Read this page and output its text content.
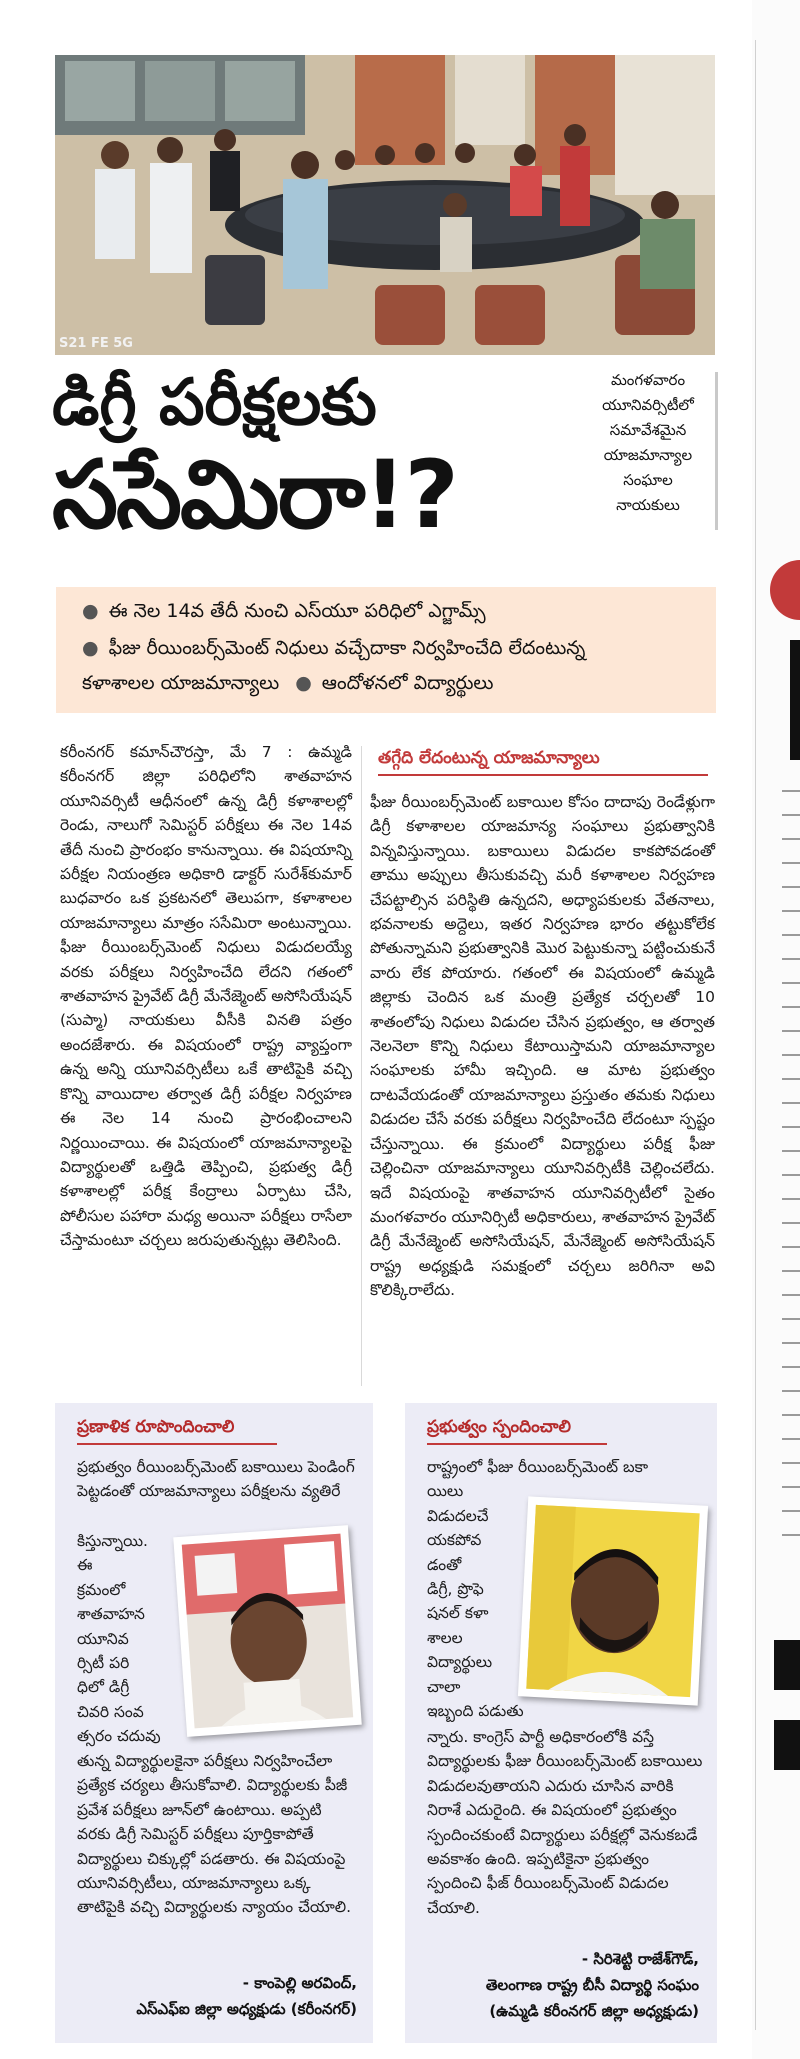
S21 FE 5G
డిగ్రీ పరీక్షలకు
ససేమిరా!?
మంగళవారం
యూనివర్సిటీలో
సమావేశమైన
యాజమాన్యాల
సంఘాల
నాయకులు
● ఈ నెల 14వ తేదీ నుంచి ఎస్‌యూ పరిధిలో ఎగ్జామ్స్
● ఫీజు రీయింబర్స్‌మెంట్ నిధులు వచ్చేదాకా నిర్వహించేది లేదంటున్న
కళాశాలల యాజమాన్యాలు ● ఆందోళనలో విద్యార్థులు
కరీంనగర్ కమాన్‌చౌరస్తా, మే 7 : ఉమ్మడి కరీంనగర్ జిల్లా పరిధిలోని శాతవాహన యూనివర్సిటీ ఆధీనంలో ఉన్న డిగ్రీ కళాశాలల్లో రెండు, నాలుగో సెమిస్టర్ పరీక్షలు ఈ నెల 14వ తేదీ నుంచి ప్రారంభం కానున్నాయి. ఈ విషయాన్ని పరీక్షల నియంత్రణ అధికారి డాక్టర్ సురేశ్‌కుమార్ బుధవారం ఒక ప్రకటనలో తెలుపగా, కళాశాలల యాజమాన్యాలు మాత్రం ససేమిరా అంటున్నాయి. ఫీజు రీయింబర్స్‌మెంట్ నిధులు విడుదలయ్యే వరకు పరీక్షలు నిర్వహించేది లేదని గతంలో శాతవాహన ప్రైవేట్ డిగ్రీ మేనేజ్మెంట్ అసోసియేషన్ (సుప్మా) నాయకులు వీసీకి వినతి పత్రం అందజేశారు. ఈ విషయంలో రాష్ట్ర వ్యాప్తంగా ఉన్న అన్ని యూనివర్సిటీలు ఒకే తాటిపైకి వచ్చి కొన్ని వాయిదాల తర్వాత డిగ్రీ పరీక్షల నిర్వహణ ఈ నెల 14 నుంచి ప్రారంభించాలని నిర్ణయించాయి. ఈ విషయంలో యాజమాన్యాలపై విద్యార్థులతో ఒత్తిడి తెప్పించి, ప్రభుత్వ డిగ్రీ కళాశాలల్లో పరీక్ష కేంద్రాలు ఏర్పాటు చేసి, పోలీసుల పహారా మధ్య అయినా పరీక్షలు రాసేలా చేస్తామంటూ చర్చలు జరుపుతున్నట్లు తెలిసింది.
తగ్గేది లేదంటున్న యాజమాన్యాలు
ఫీజు రీయింబర్స్‌మెంట్ బకాయిల కోసం దాదాపు రెండేళ్లుగా డిగ్రీ కళాశాలల యాజమాన్య సంఘాలు ప్రభుత్వానికి విన్నవిస్తున్నాయి. బకాయిలు విడుదల కాకపోవడంతో తాము అప్పులు తీసుకువచ్చి మరీ కళాశాలల నిర్వహణ చేపట్టాల్సిన పరిస్థితి ఉన్నదని, అధ్యాపకులకు వేతనాలు, భవనాలకు అద్దెలు, ఇతర నిర్వహణ భారం తట్టుకోలేక పోతున్నామని ప్రభుత్వానికి మొర పెట్టుకున్నా పట్టించుకునే వారు లేక పోయారు. గతంలో ఈ విషయంలో ఉమ్మడి జిల్లాకు చెందిన ఒక మంత్రి ప్రత్యేక చర్చలతో 10 శాతంలోపు నిధులు విడుదల చేసిన ప్రభుత్వం, ఆ తర్వాత నెలనెలా కొన్ని నిధులు కేటాయిస్తామని యాజమాన్యాల సంఘాలకు హామీ ఇచ్చింది. ఆ మాట ప్రభుత్వం దాటవేయడంతో యాజమాన్యాలు ప్రస్తుతం తమకు నిధులు విడుదల చేసే వరకు పరీక్షలు నిర్వహించేది లేదంటూ స్పష్టం చేస్తున్నాయి. ఈ క్రమంలో విద్యార్థులు పరీక్ష ఫీజు చెల్లించినా యాజమాన్యాలు యూనివర్సిటీకి చెల్లించలేదు. ఇదే విషయంపై శాతవాహన యూనివర్సిటీలో సైతం మంగళవారం యూనిర్సిటీ అధికారులు, శాతవాహన ప్రైవేట్ డిగ్రీ మేనేజ్మెంట్ అసోసియేషన్, మేనేజ్మెంట్ అసోసియేషన్ రాష్ట్ర అధ్యక్షుడి సమక్షంలో చర్చలు జరిగినా అవి కొలిక్కిరాలేదు.
ప్రణాళిక రూపొందించాలి
ప్రభుత్వం రీయింబర్స్‌మెంట్ బకాయిలు పెండింగ్ పెట్టడంతో యాజమాన్యాలు పరీక్షలను వ్యతిరే
కిస్తున్నాయి.
ఈ
క్రమంలో
శాతవాహన
యూనివ
ర్సిటీ పరి
ధిలో డిగ్రీ
చివరి సంవ
త్సరం చదువు
తున్న విద్యార్థులకైనా పరీక్షలు నిర్వహించేలా ప్రత్యేక చర్యలు తీసుకోవాలి. విద్యార్థులకు పీజీ ప్రవేశ పరీక్షలు జూన్‌లో ఉంటాయి. అప్పటి వరకు డిగ్రీ సెమిస్టర్ పరీక్షలు పూర్తికాపోతే విద్యార్థులు చిక్కుల్లో పడతారు. ఈ విషయంపై యూనివర్సిటీలు, యాజమాన్యాలు ఒక్క తాటిపైకి వచ్చి విద్యార్థులకు న్యాయం చేయాలి.
- కాంపెల్లి అరవింద్,
ఎస్‌ఎఫ్‌ఐ జిల్లా అధ్యక్షుడు (కరీంనగర్)
ప్రభుత్వం స్పందించాలి
రాష్ట్రంలో ఫీజు రీయింబర్స్‌మెంట్ బకా
యిలు
విడుదలచే
యకపోవ
డంతో
డిగ్రీ, ప్రొఫె
షనల్ కళా
శాలల
విద్యార్థులు
చాలా
ఇబ్బంది పడుతు
న్నారు. కాంగ్రెస్ పార్టీ అధికారంలోకి వస్తే విద్యార్థులకు ఫీజు రీయింబర్స్‌మెంట్ బకాయిలు విడుదలవుతాయని ఎదురు చూసిన వారికి నిరాశే ఎదురైంది. ఈ విషయంలో ప్రభుత్వం స్పందించకుంటే విద్యార్థులు పరీక్షల్లో వెనుకబడే అవకాశం ఉంది. ఇప్పటికైనా ప్రభుత్వం స్పందించి ఫీజ్ రీయింబర్స్‌మెంట్ విడుదల చేయాలి.
- సిరిశెట్టి రాజేశ్‌గౌడ్,
తెలంగాణ రాష్ట్ర బీసీ విద్యార్థి సంఘం
(ఉమ్మడి కరీంనగర్ జిల్లా అధ్యక్షుడు)
